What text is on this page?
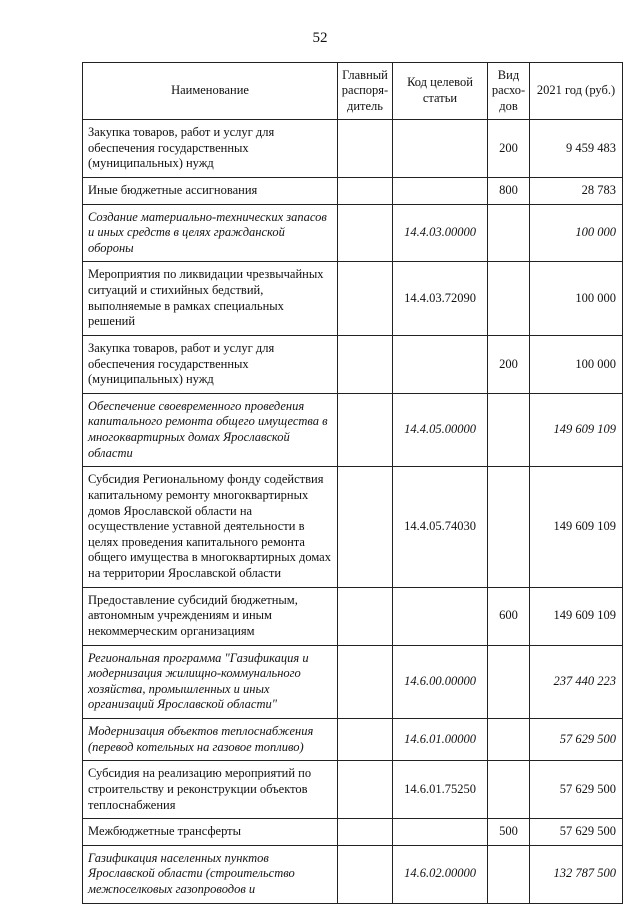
52
Наименование	Главный распоря-дитель	Код целевой статьи	Вид расхо-дов	2021 год (руб.)
Закупка товаров, работ и услуг для обеспечения государственных (муниципальных) нужд			200	9 459 483
Иные бюджетные ассигнования			800	28 783
Создание материально-технических запасов и иных средств в целях гражданской обороны		14.4.03.00000		100 000
Мероприятия по ликвидации чрезвычайных ситуаций и стихийных бедствий, выполняемые в рамках специальных решений		14.4.03.72090		100 000
Закупка товаров, работ и услуг для обеспечения государственных (муниципальных) нужд			200	100 000
Обеспечение своевременного проведения капитального ремонта общего имущества в многоквартирных домах Ярославской области		14.4.05.00000		149 609 109
Субсидия Региональному фонду содействия капитальному ремонту многоквартирных домов Ярославской области на осуществление уставной деятельности в целях проведения капитального ремонта общего имущества в многоквартирных домах на территории Ярославской области		14.4.05.74030		149 609 109
Предоставление субсидий бюджетным, автономным учреждениям и иным некоммерческим организациям			600	149 609 109
Региональная программа "Газификация и модернизация жилищно-коммунального хозяйства, промышленных и иных организаций Ярославской области"		14.6.00.00000		237 440 223
Модернизация объектов теплоснабжения (перевод котельных на газовое топливо)		14.6.01.00000		57 629 500
Субсидия на реализацию мероприятий по строительству и реконструкции объектов теплоснабжения		14.6.01.75250		57 629 500
Межбюджетные трансферты			500	57 629 500
Газификация населенных пунктов Ярославской области (строительство межпоселковых газопроводов и		14.6.02.00000		132 787 500
